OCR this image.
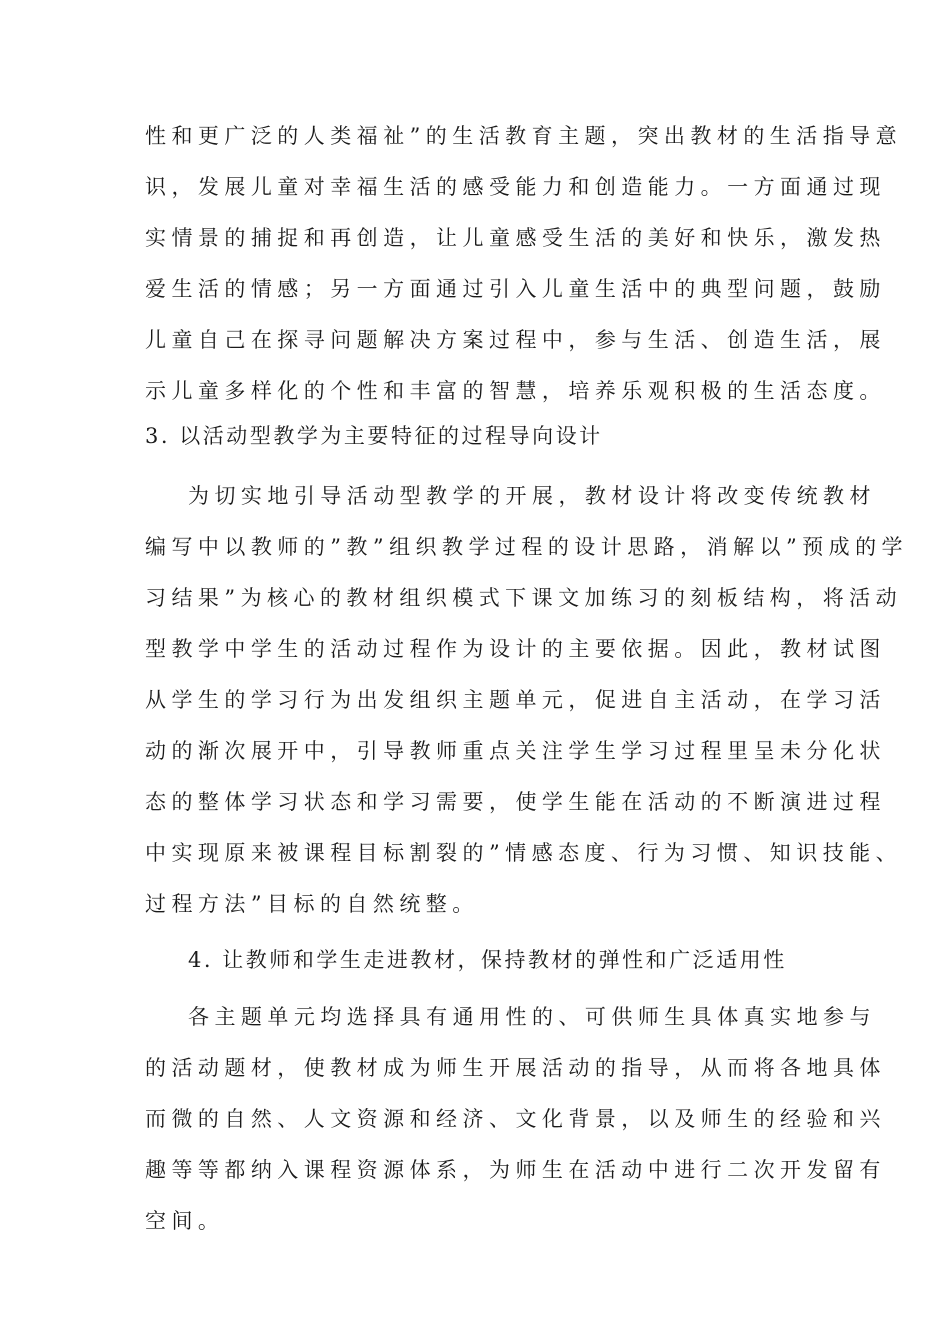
性和更广泛的人类福祉”的生活教育主题，突出教材的生活指导意
识，发展儿童对幸福生活的感受能力和创造能力。一方面通过现
实情景的捕捉和再创造，让儿童感受生活的美好和快乐，激发热
爱生活的情感；另一方面通过引入儿童生活中的典型问题，鼓励
儿童自己在探寻问题解决方案过程中，参与生活、创造生活，展
示儿童多样化的个性和丰富的智慧，培养乐观积极的生活态度。
3. 以活动型教学为主要特征的过程导向设计
为切实地引导活动型教学的开展，教材设计将改变传统教材
编写中以教师的”教”组织教学过程的设计思路，消解以”预成的学
习结果”为核心的教材组织模式下课文加练习的刻板结构，将活动
型教学中学生的活动过程作为设计的主要依据。因此，教材试图
从学生的学习行为出发组织主题单元，促进自主活动，在学习活
动的渐次展开中，引导教师重点关注学生学习过程里呈未分化状
态的整体学习状态和学习需要，使学生能在活动的不断演进过程
中实现原来被课程目标割裂的”情感态度、行为习惯、知识技能、
过程方法”目标的自然统整。
4. 让教师和学生走进教材，保持教材的弹性和广泛适用性
各主题单元均选择具有通用性的、可供师生具体真实地参与
的活动题材，使教材成为师生开展活动的指导，从而将各地具体
而微的自然、人文资源和经济、文化背景，以及师生的经验和兴
趣等等都纳入课程资源体系，为师生在活动中进行二次开发留有
空间。
